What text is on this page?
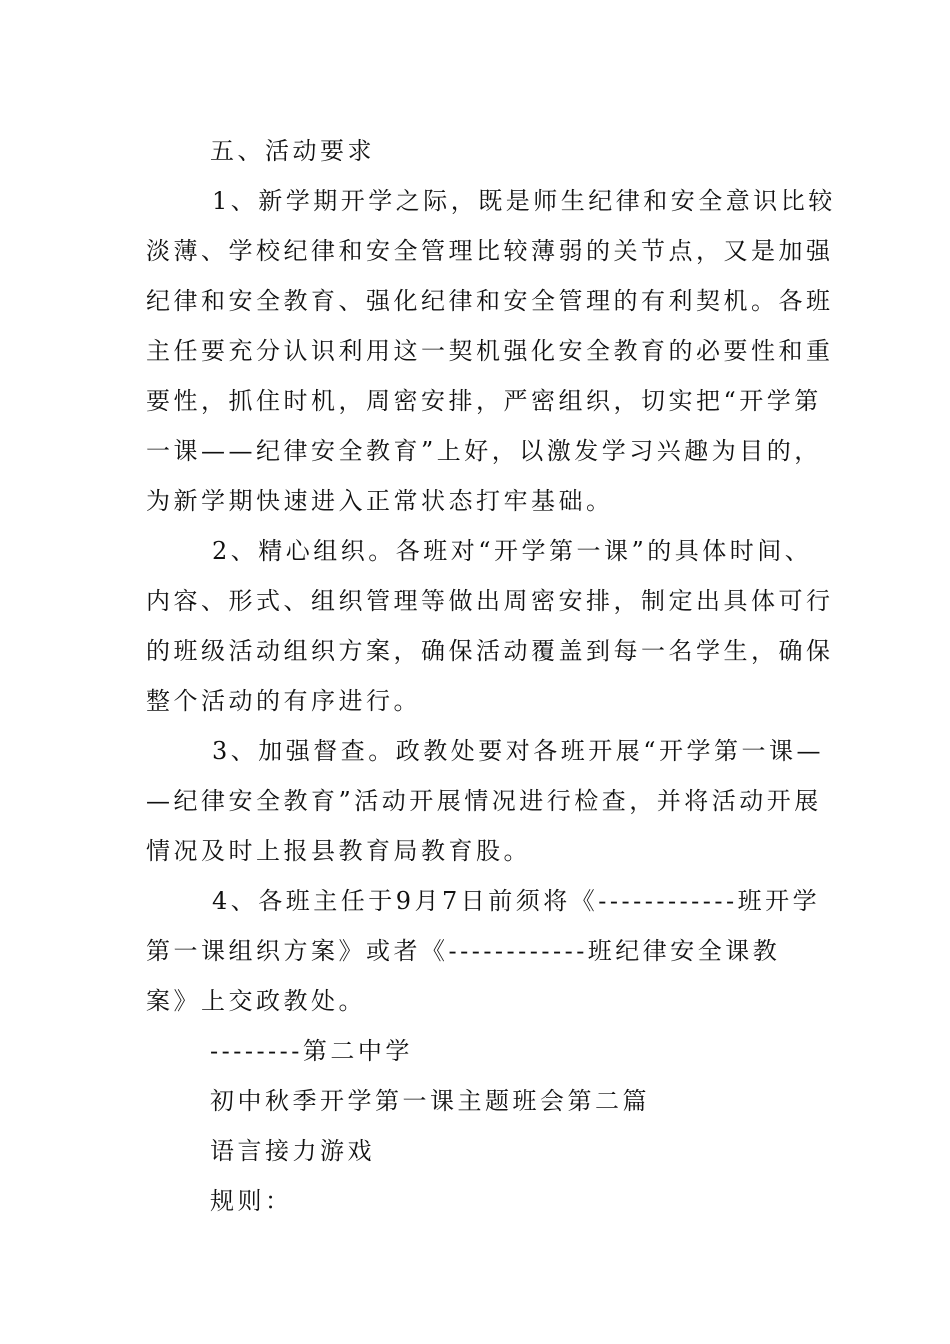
五、活动要求
1、新学期开学之际，既是师生纪律和安全意识比较
淡薄、学校纪律和安全管理比较薄弱的关节点，又是加强
纪律和安全教育、强化纪律和安全管理的有利契机。各班
主任要充分认识利用这一契机强化安全教育的必要性和重
要性，抓住时机，周密安排，严密组织，切实把“开学第
一课——纪律安全教育”上好，以激发学习兴趣为目的，
为新学期快速进入正常状态打牢基础。
2、精心组织。各班对“开学第一课”的具体时间、
内容、形式、组织管理等做出周密安排，制定出具体可行
的班级活动组织方案，确保活动覆盖到每一名学生，确保
整个活动的有序进行。
3、加强督查。政教处要对各班开展“开学第一课—
—纪律安全教育”活动开展情况进行检查，并将活动开展
情况及时上报县教育局教育股。
4、各班主任于9月7日前须将《------------班开学
第一课组织方案》或者《------------班纪律安全课教
案》上交政教处。
--------第二中学
初中秋季开学第一课主题班会第二篇
语言接力游戏
规则：
